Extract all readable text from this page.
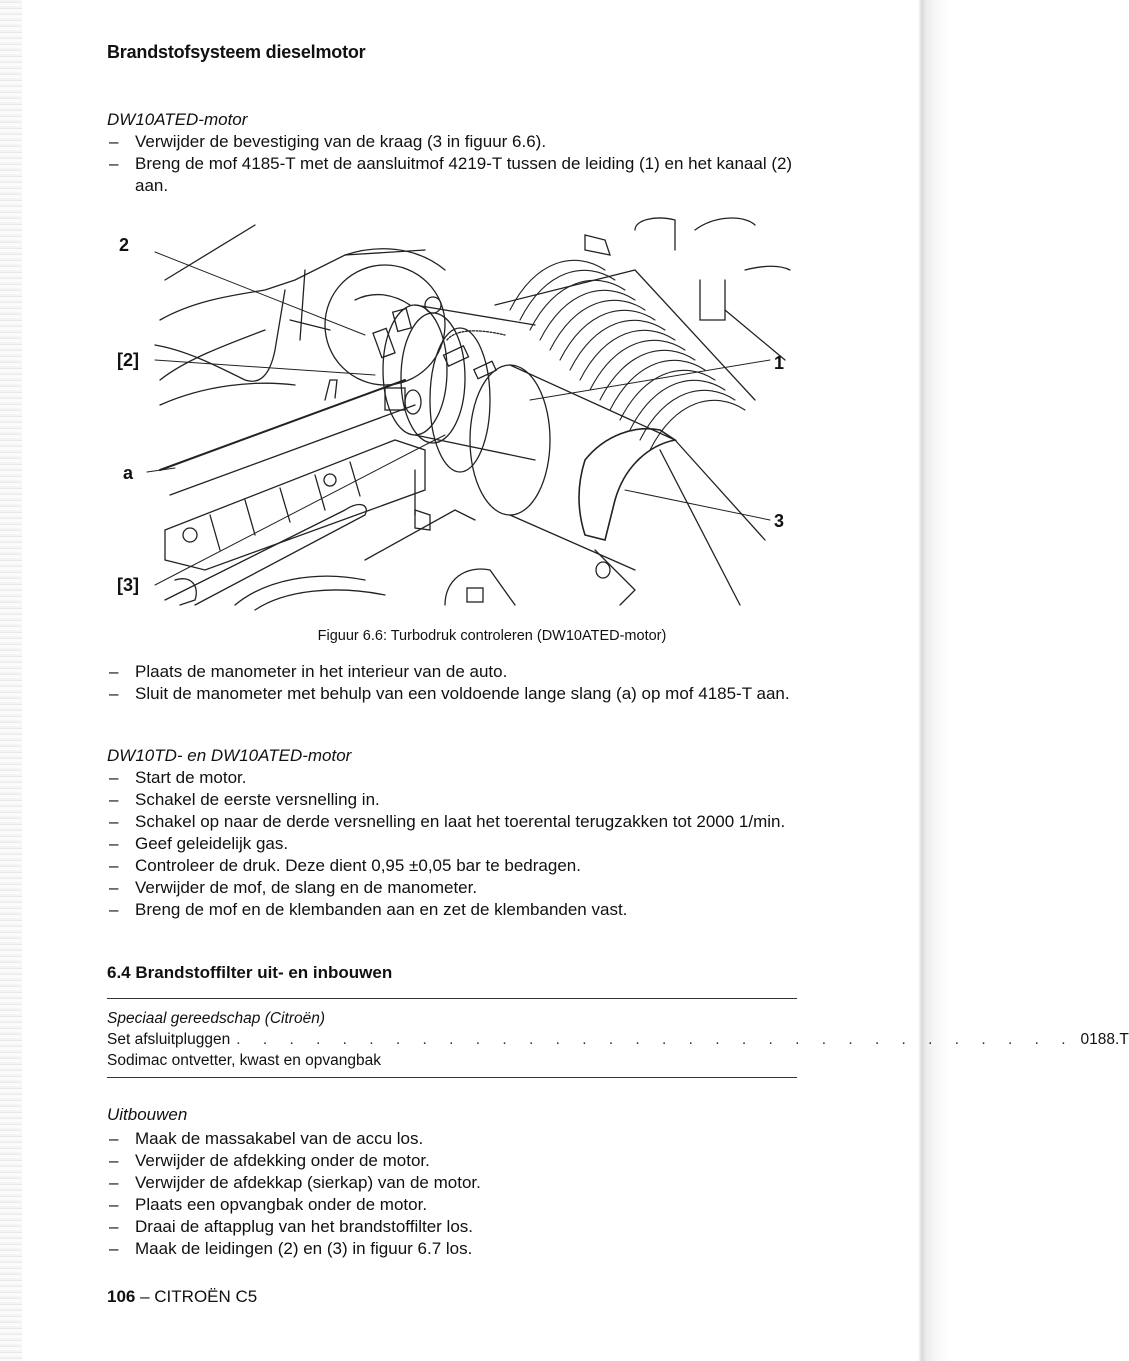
Brandstofsysteem dieselmotor
DW10ATED-motor
– Verwijder de bevestiging van de kraag (3 in figuur 6.6).
– Breng de mof 4185-T met de aansluitmof 4219-T tussen de leiding (1) en het kanaal (2) aan.
2
[2]
a
[3]
1
3
Figuur 6.6: Turbodruk controleren (DW10ATED-motor)
– Plaats de manometer in het interieur van de auto.
– Sluit de manometer met behulp van een voldoende lange slang (a) op mof 4185-T aan.
DW10TD- en DW10ATED-motor
– Start de motor.
– Schakel de eerste versnelling in.
– Schakel op naar de derde versnelling en laat het toerental terugzakken tot 2000 1/min.
– Geef geleidelijk gas.
– Controleer de druk. Deze dient 0,95 ±0,05 bar te bedragen.
– Verwijder de mof, de slang en de manometer.
– Breng de mof en de klembanden aan en zet de klembanden vast.
6.4 Brandstoffilter uit- en inbouwen
Speciaal gereedschap (Citroën)
Set afsluitpluggen . . . . . . . . . . . . . . . . . . . . . . . . . . . . . . . . 0188.T
Sodimac ontvetter, kwast en opvangbak
Uitbouwen
– Maak de massakabel van de accu los.
– Verwijder de afdekking onder de motor.
– Verwijder de afdekkap (sierkap) van de motor.
– Plaats een opvangbak onder de motor.
– Draai de aftapplug van het brandstoffilter los.
– Maak de leidingen (2) en (3) in figuur 6.7 los.
106 – CITROËN C5
